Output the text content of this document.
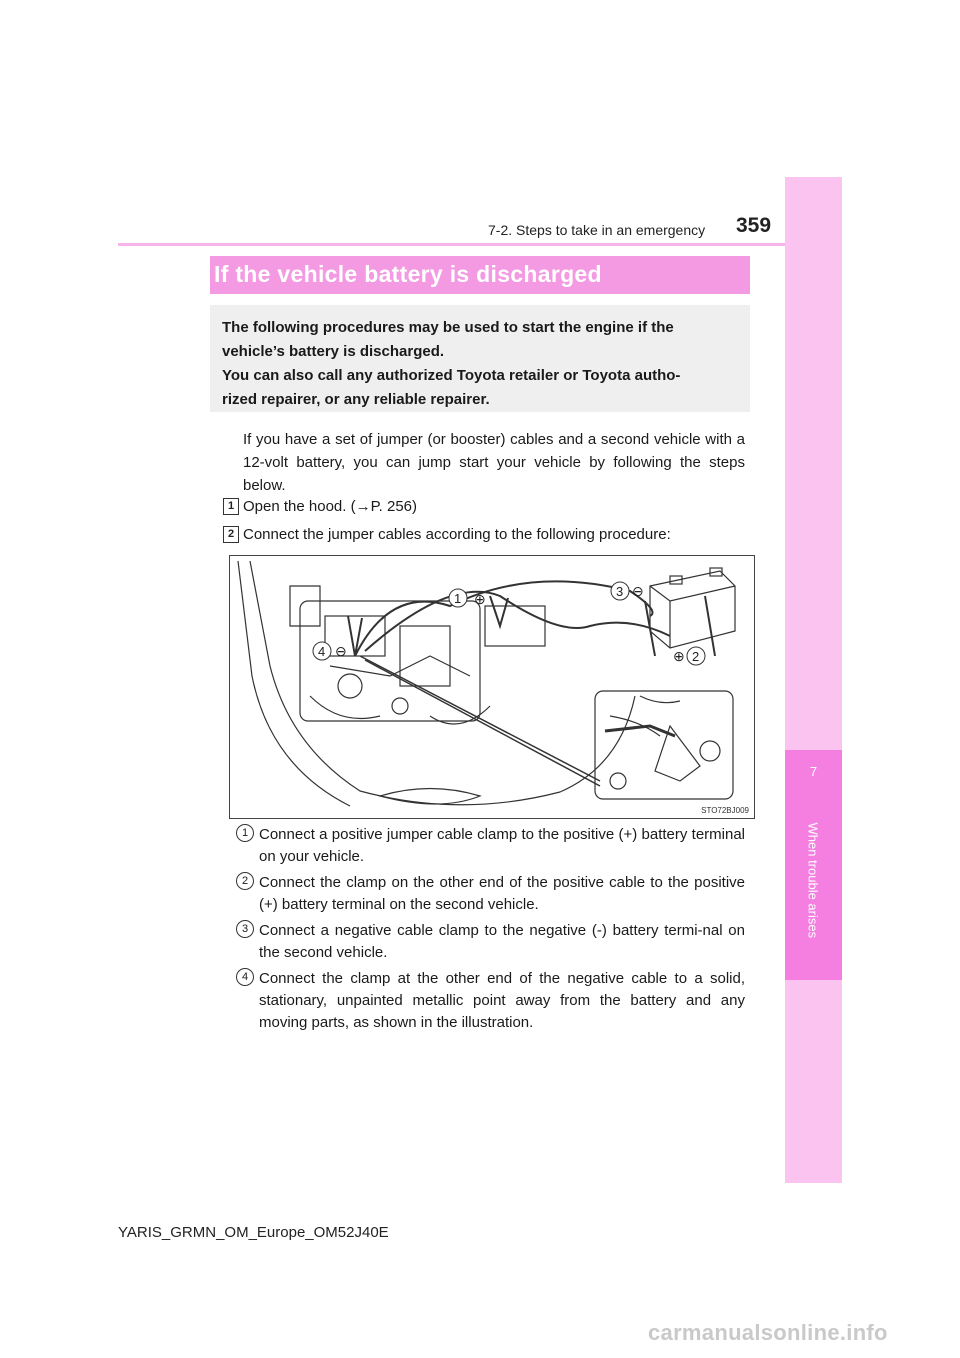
7
When trouble arises
7-2. Steps to take in an emergency 359
If the vehicle battery is discharged
The following procedures may be used to start the engine if the
vehicle’s battery is discharged.
You can also call any authorized Toyota retailer or Toyota autho-
rized repairer, or any reliable repairer.
If you have a set of jumper (or booster) cables and a second vehicle with a 12-volt battery, you can jump start your vehicle by following the steps below.
1 Open the hood. (→P. 256)
2 Connect the jumper cables according to the following procedure:
1 ⊕
2
⊕
3 ⊖
4 ⊖
STO72BJ009
1 Connect a positive jumper cable clamp to the positive (+) battery terminal on your vehicle.
2 Connect the clamp on the other end of the positive cable to the positive (+) battery terminal on the second vehicle.
3 Connect a negative cable clamp to the negative (-) battery termi-nal on the second vehicle.
4 Connect the clamp at the other end of the negative cable to a solid, stationary, unpainted metallic point away from the battery and any moving parts, as shown in the illustration.
YARIS_GRMN_OM_Europe_OM52J40E
carmanualsonline.info
